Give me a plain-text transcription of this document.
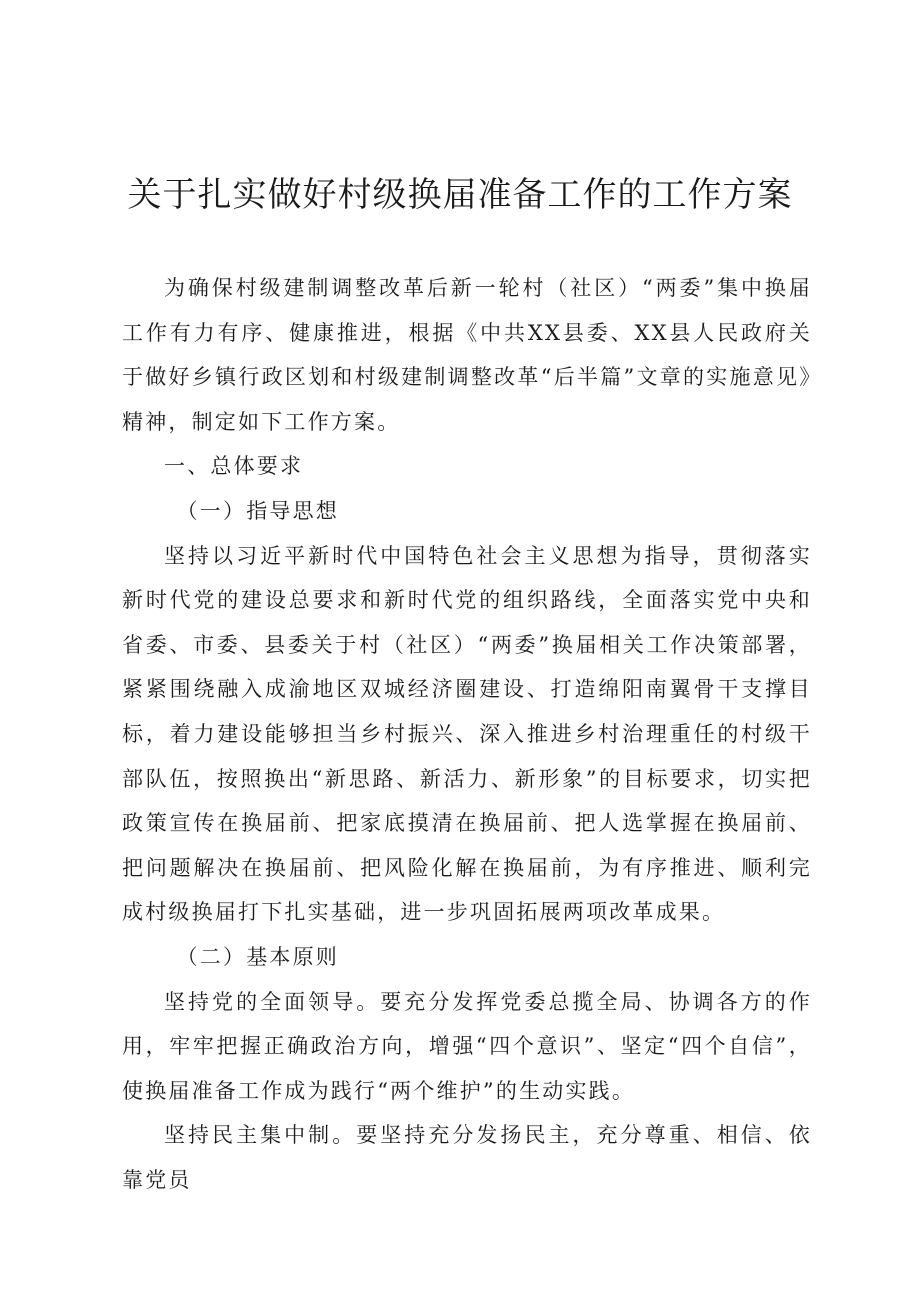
关于扎实做好村级换届准备工作的工作方案

为确保村级建制调整改革后新一轮村（社区）“两委”集中换届工作有力有序、健康推进，根据《中共XX县委、XX县人民政府关于做好乡镇行政区划和村级建制调整改革“后半篇”文章的实施意见》精神，制定如下工作方案。

一、总体要求

（一）指导思想

坚持以习近平新时代中国特色社会主义思想为指导，贯彻落实新时代党的建设总要求和新时代党的组织路线，全面落实党中央和省委、市委、县委关于村（社区）“两委”换届相关工作决策部署，紧紧围绕融入成渝地区双城经济圈建设、打造绵阳南翼骨干支撑目标，着力建设能够担当乡村振兴、深入推进乡村治理重任的村级干部队伍，按照换出“新思路、新活力、新形象”的目标要求，切实把政策宣传在换届前、把家底摸清在换届前、把人选掌握在换届前、把问题解决在换届前、把风险化解在换届前，为有序推进、顺利完成村级换届打下扎实基础，进一步巩固拓展两项改革成果。

（二）基本原则

坚持党的全面领导。要充分发挥党委总揽全局、协调各方的作用，牢牢把握正确政治方向，增强“四个意识”、坚定“四个自信”，使换届准备工作成为践行“两个维护”的生动实践。

坚持民主集中制。要坚持充分发扬民主，充分尊重、相信、依靠党员
